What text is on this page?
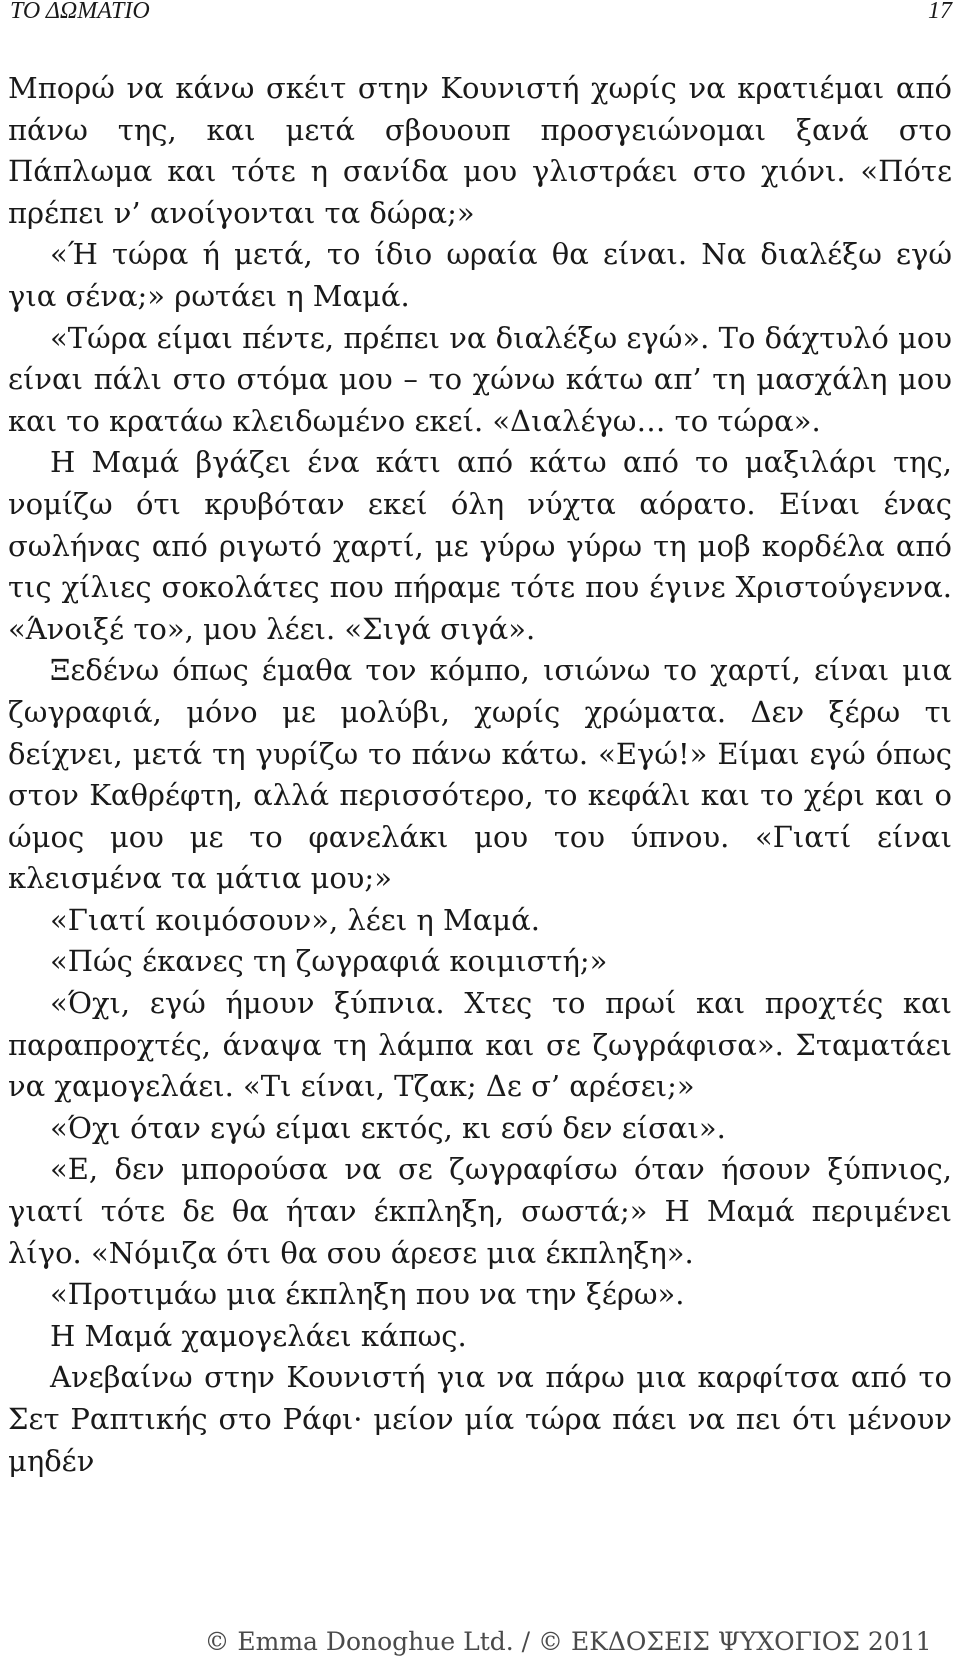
ΤΟ ΔΩΜΑΤΙΟ	17

Μπορώ να κάνω σκέιτ στην Κουνιστή χωρίς να κρατιέμαι από πάνω της, και μετά σβουουπ προσγειώνομαι ξανά στο Πάπλωμα και τότε η σανίδα μου γλιστράει στο χιόνι. «Πότε πρέπει ν’ ανοίγονται τα δώρα;»

«Ή τώρα ή μετά, το ίδιο ωραία θα είναι. Να διαλέξω εγώ για σένα;» ρωτάει η Μαμά.

«Τώρα είμαι πέντε, πρέπει να διαλέξω εγώ». Το δάχτυλό μου είναι πάλι στο στόμα μου – το χώνω κάτω απ’ τη μασχάλη μου και το κρατάω κλειδωμένο εκεί. «Διαλέγω… το τώρα».

Η Μαμά βγάζει ένα κάτι από κάτω από το μαξιλάρι της, νομίζω ότι κρυβόταν εκεί όλη νύχτα αόρατο. Είναι ένας σωλήνας από ριγωτό χαρτί, με γύρω γύρω τη μοβ κορδέλα από τις χίλιες σοκολάτες που πήραμε τότε που έγινε Χριστούγεννα. «Άνοιξέ το», μου λέει. «Σιγά σιγά».

Ξεδένω όπως έμαθα τον κόμπο, ισιώνω το χαρτί, είναι μια ζωγραφιά, μόνο με μολύβι, χωρίς χρώματα. Δεν ξέρω τι δείχνει, μετά τη γυρίζω το πάνω κάτω. «Εγώ!» Είμαι εγώ όπως στον Καθρέφτη, αλλά περισσότερο, το κεφάλι και το χέρι και ο ώμος μου με το φανελάκι μου του ύπνου. «Γιατί είναι κλεισμένα τα μάτια μου;»

«Γιατί κοιμόσουν», λέει η Μαμά.

«Πώς έκανες τη ζωγραφιά κοιμιστή;»

«Όχι, εγώ ήμουν ξύπνια. Χτες το πρωί και προχτές και παραπροχτές, άναψα τη λάμπα και σε ζωγράφισα». Σταματάει να χαμογελάει. «Τι είναι, Τζακ; Δε σ’ αρέσει;»

«Όχι όταν εγώ είμαι εκτός, κι εσύ δεν είσαι».

«Ε, δεν μπορούσα να σε ζωγραφίσω όταν ήσουν ξύπνιος, γιατί τότε δε θα ήταν έκπληξη, σωστά;» Η Μαμά περιμένει λίγο. «Νόμιζα ότι θα σου άρεσε μια έκπληξη».

«Προτιμάω μια έκπληξη που να την ξέρω».

Η Μαμά χαμογελάει κάπως.

Ανεβαίνω στην Κουνιστή για να πάρω μια καρφίτσα από το Σετ Ραπτικής στο Ράφι· μείον μία τώρα πάει να πει ότι μένουν μηδέν

© Emma Donoghue Ltd. / © ΕΚΔΟΣΕΙΣ ΨΥΧΟΓΙΟΣ 2011
